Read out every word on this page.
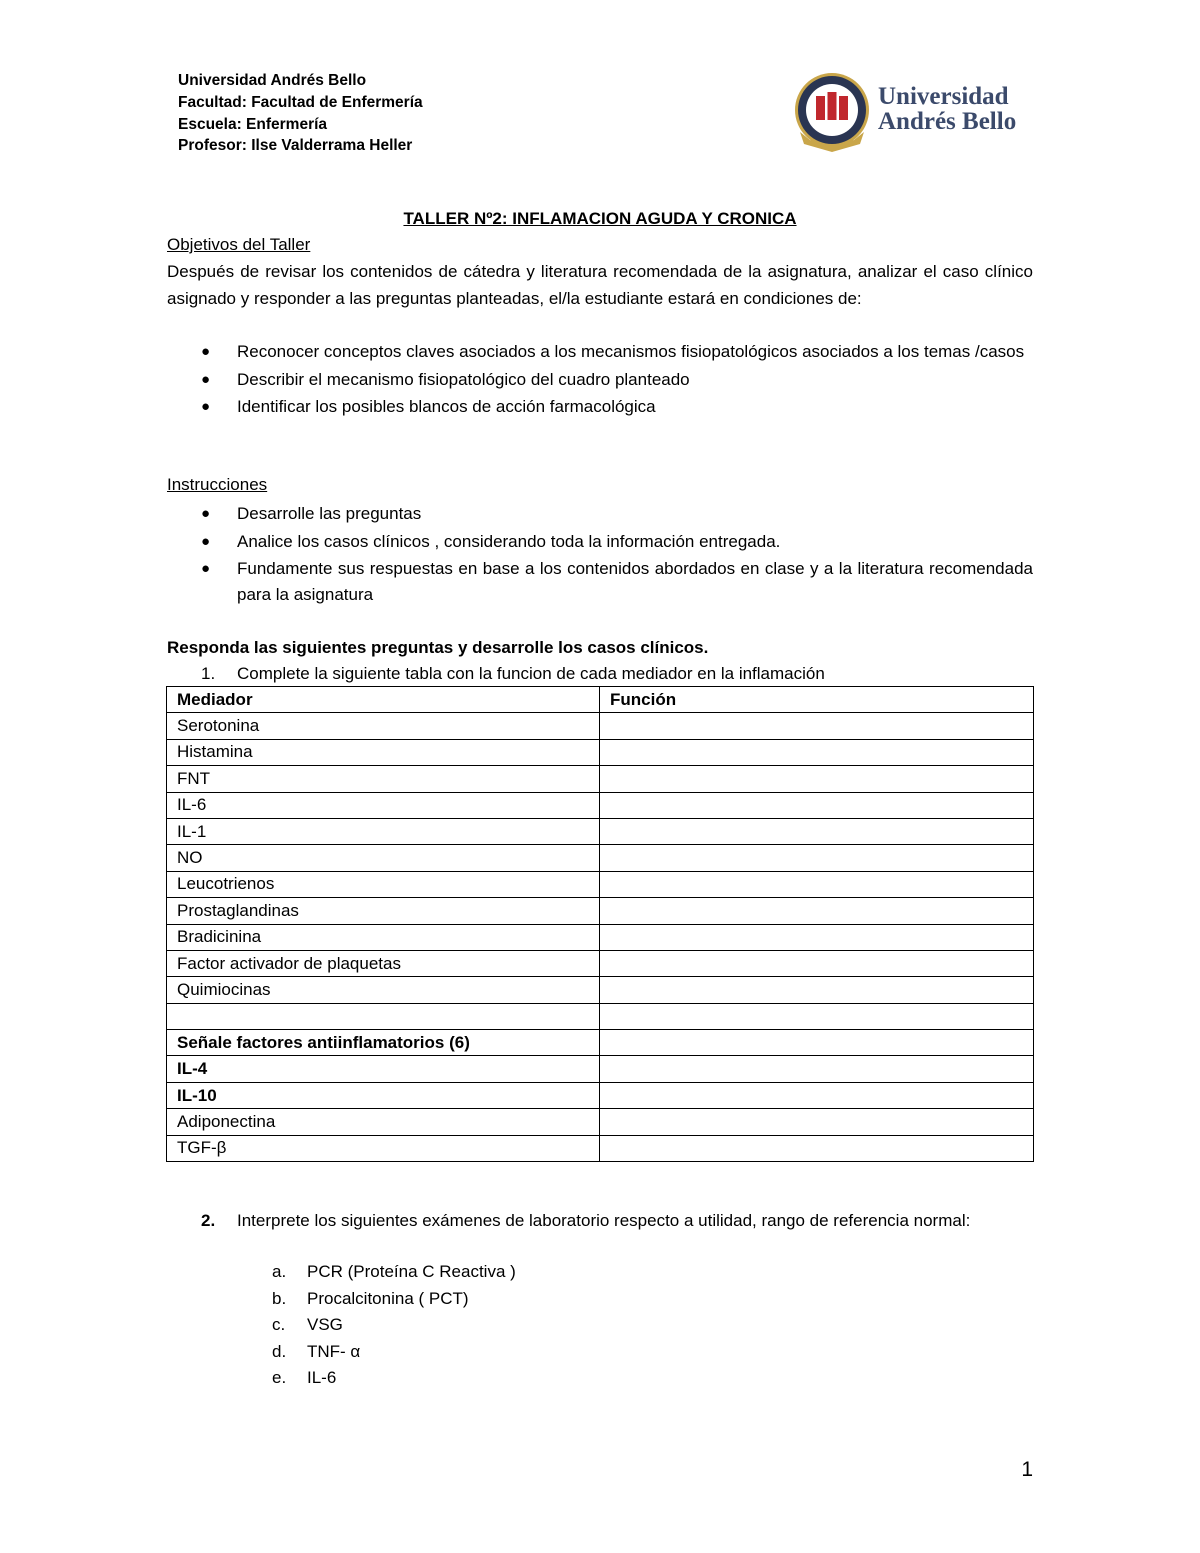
Universidad Andrés Bello
Facultad: Facultad de Enfermería
Escuela: Enfermería
Profesor: Ilse Valderrama Heller
Universidad
Andrés Bello
TALLER Nº2: INFLAMACION AGUDA Y CRONICA
Objetivos del Taller
Después de revisar los contenidos de cátedra y literatura recomendada de la asignatura, analizar el caso clínico asignado y responder a las preguntas planteadas, el/la estudiante estará en condiciones de:
● Reconocer conceptos claves asociados a los mecanismos fisiopatológicos asociados a los temas /casos
● Describir el mecanismo fisiopatológico del cuadro planteado
● Identificar los posibles blancos de acción farmacológica
Instrucciones
● Desarrolle las preguntas
● Analice los casos clínicos , considerando toda la información entregada.
● Fundamente sus respuestas en base a los contenidos abordados en clase y a la literatura recomendada para la asignatura
Responda las siguientes preguntas y desarrolle los casos clínicos.
1.	Complete la siguiente tabla con la funcion de cada mediador en la inflamación
Mediador	Función
Serotonina	
Histamina	
FNT	
IL-6	
IL-1	
NO	
Leucotrienos	
Prostaglandinas	
Bradicinina	
Factor activador de plaquetas	
Quimiocinas	

Señale factores antiinflamatorios (6)	
IL-4	
IL-10	
Adiponectina	
TGF-β	
2.	Interprete los siguientes exámenes de laboratorio respecto a utilidad, rango de referencia normal:
a. PCR (Proteína C Reactiva )
b. Procalcitonina ( PCT)
c. VSG
d. TNF- α
e. IL-6
1
